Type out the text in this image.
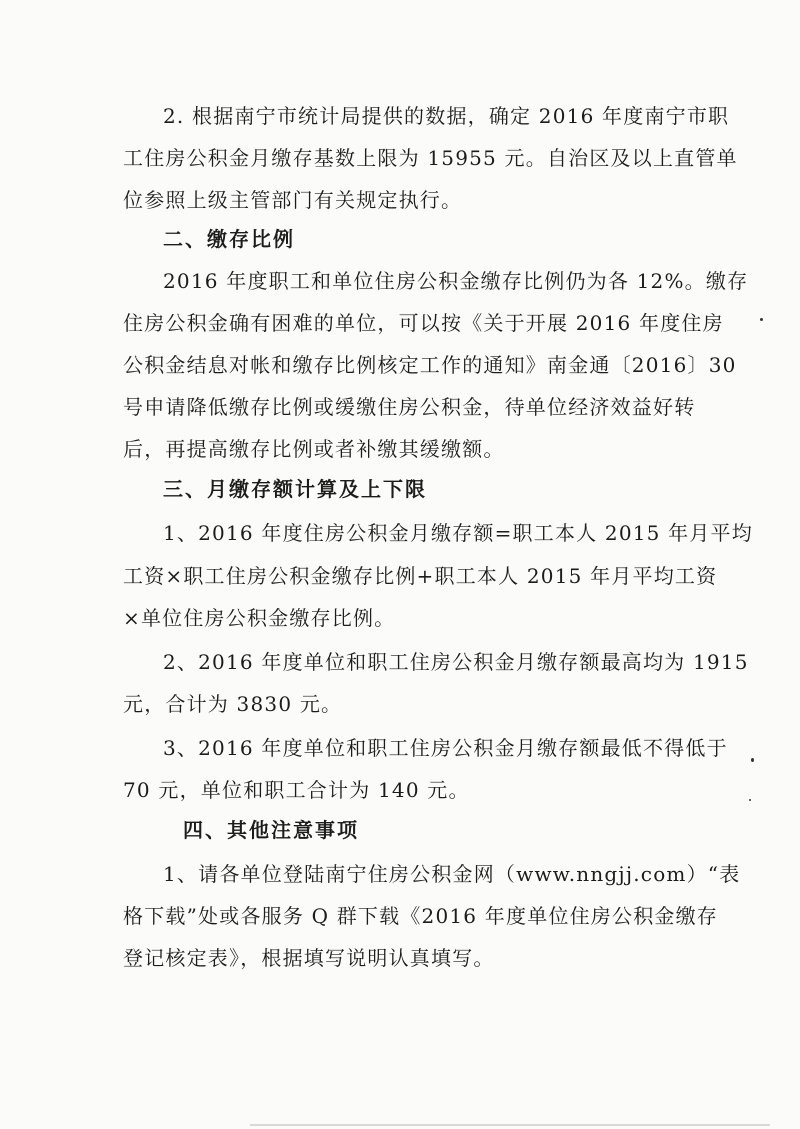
2. 根据南宁市统计局提供的数据，确定 2016 年度南宁市职
工住房公积金月缴存基数上限为 15955 元。自治区及以上直管单
位参照上级主管部门有关规定执行。
二、缴存比例
2016 年度职工和单位住房公积金缴存比例仍为各 12%。缴存
住房公积金确有困难的单位，可以按《关于开展 2016 年度住房
公积金结息对帐和缴存比例核定工作的通知》南金通〔2016〕30
号申请降低缴存比例或缓缴住房公积金，待单位经济效益好转
后，再提高缴存比例或者补缴其缓缴额。
三、月缴存额计算及上下限
1、2016 年度住房公积金月缴存额=职工本人 2015 年月平均
工资×职工住房公积金缴存比例+职工本人 2015 年月平均工资
×单位住房公积金缴存比例。
2、2016 年度单位和职工住房公积金月缴存额最高均为 1915
元，合计为 3830 元。
3、2016 年度单位和职工住房公积金月缴存额最低不得低于
70 元，单位和职工合计为 140 元。
四、其他注意事项
1、请各单位登陆南宁住房公积金网（www.nngjj.com）“表
格下载”处或各服务 Q 群下载《2016 年度单位住房公积金缴存
登记核定表》，根据填写说明认真填写。
